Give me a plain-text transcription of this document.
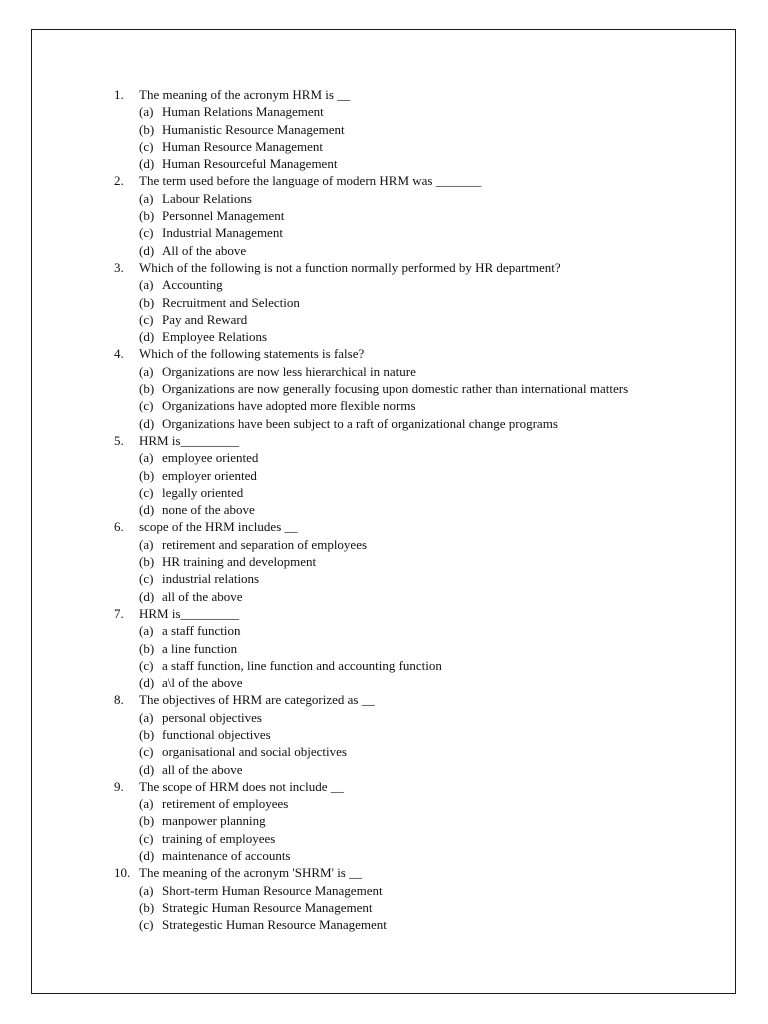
1.	The meaning of the acronym HRM is __
(a) Human Relations Management
(b) Humanistic Resource Management
(c) Human Resource Management
(d) Human Resourceful Management
2.	The term used before the language of modern HRM was _______
(a) Labour Relations
(b) Personnel Management
(c) Industrial Management
(d) All of the above
3.	Which of the following is not a function normally performed by HR department?
(a) Accounting
(b) Recruitment and Selection
(c) Pay and Reward
(d) Employee Relations
4.	Which of the following statements is false?
(a) Organizations are now less hierarchical in nature
(b) Organizations are now generally focusing upon domestic rather than international matters
(c) Organizations have adopted more flexible norms
(d) Organizations have been subject to a raft of organizational change programs
5.	HRM is_________
(a) employee oriented
(b) employer oriented
(c) legally oriented
(d) none of the above
6.	scope of the HRM includes __
(a) retirement and separation of employees
(b) HR training and development
(c) industrial relations
(d) all of the above
7.	HRM is_________
(a) a staff function
(b) a line function
(c) a staff function, line function and accounting function
(d) a\l of the above
8.	The objectives of HRM are categorized as __
(a) personal objectives
(b) functional objectives
(c) organisational and social objectives
(d) all of the above
9.	The scope of HRM does not include __
(a) retirement of employees
(b) manpower planning
(c) training of employees
(d) maintenance of accounts
10. The meaning of the acronym 'SHRM' is __
(a) Short-term Human Resource Management
(b) Strategic Human Resource Management
(c) Strategestic Human Resource Management
